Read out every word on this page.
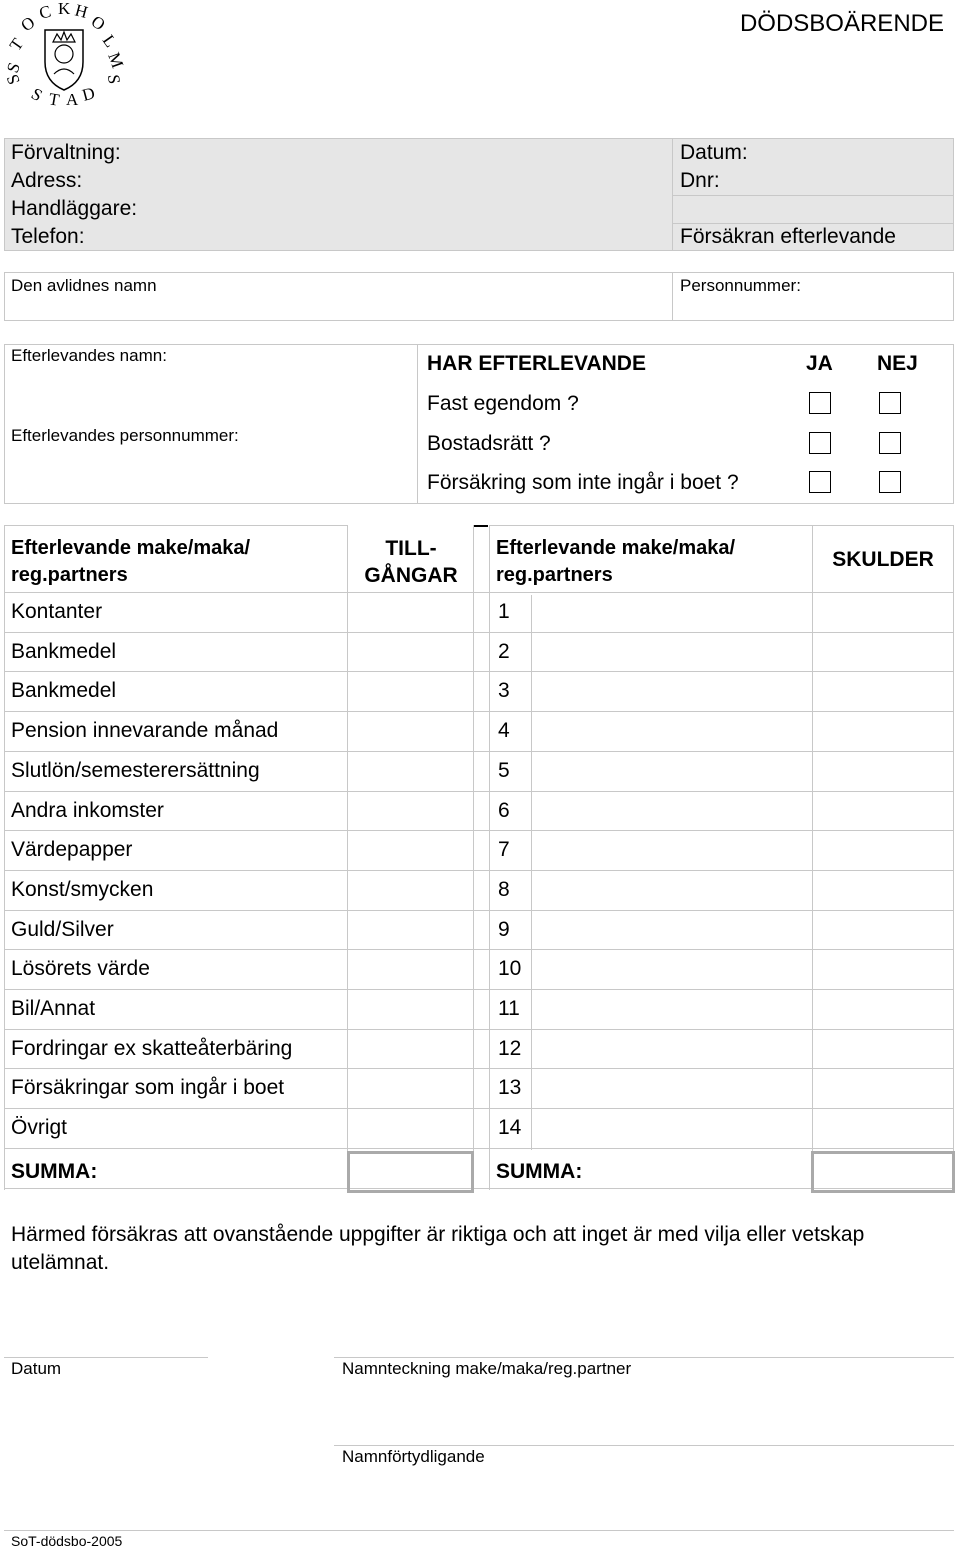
S
T
O
C K H
O
L
M
S
S
S T A D
DÖDSBOÄRENDE
Förvaltning:
Adress:
Handläggare:
Telefon:
Datum:
Dnr:
Försäkran efterlevande
Den avlidnes namn	Personnummer:
Efterlevandes namn:
Efterlevandes personnummer:
HAR EFTERLEVANDE	JA NEJ
Fast egendom ?
Bostadsrätt ?
Försäkring som inte ingår i boet ?
Efterlevande make/maka/ reg.partners
TILL- GÅNGAR
Efterlevande make/maka/ reg.partners
SKULDER
Kontanter	1
Bankmedel	2
Bankmedel	3
Pension innevarande månad	4
Slutlön/semesterersättning	5
Andra inkomster	6
Värdepapper	7
Konst/smycken	8
Guld/Silver	9
Lösörets värde	10
Bil/Annat	11
Fordringar ex skatteåterbäring	12
Försäkringar som ingår i boet	13
Övrigt	14
SUMMA:	SUMMA:
Härmed försäkras att ovanstående uppgifter är riktiga och att inget är med vilja eller vetskap utelämnat.
Datum	Namnteckning make/maka/reg.partner
Namnförtydligande
SoT-dödsbo-2005
